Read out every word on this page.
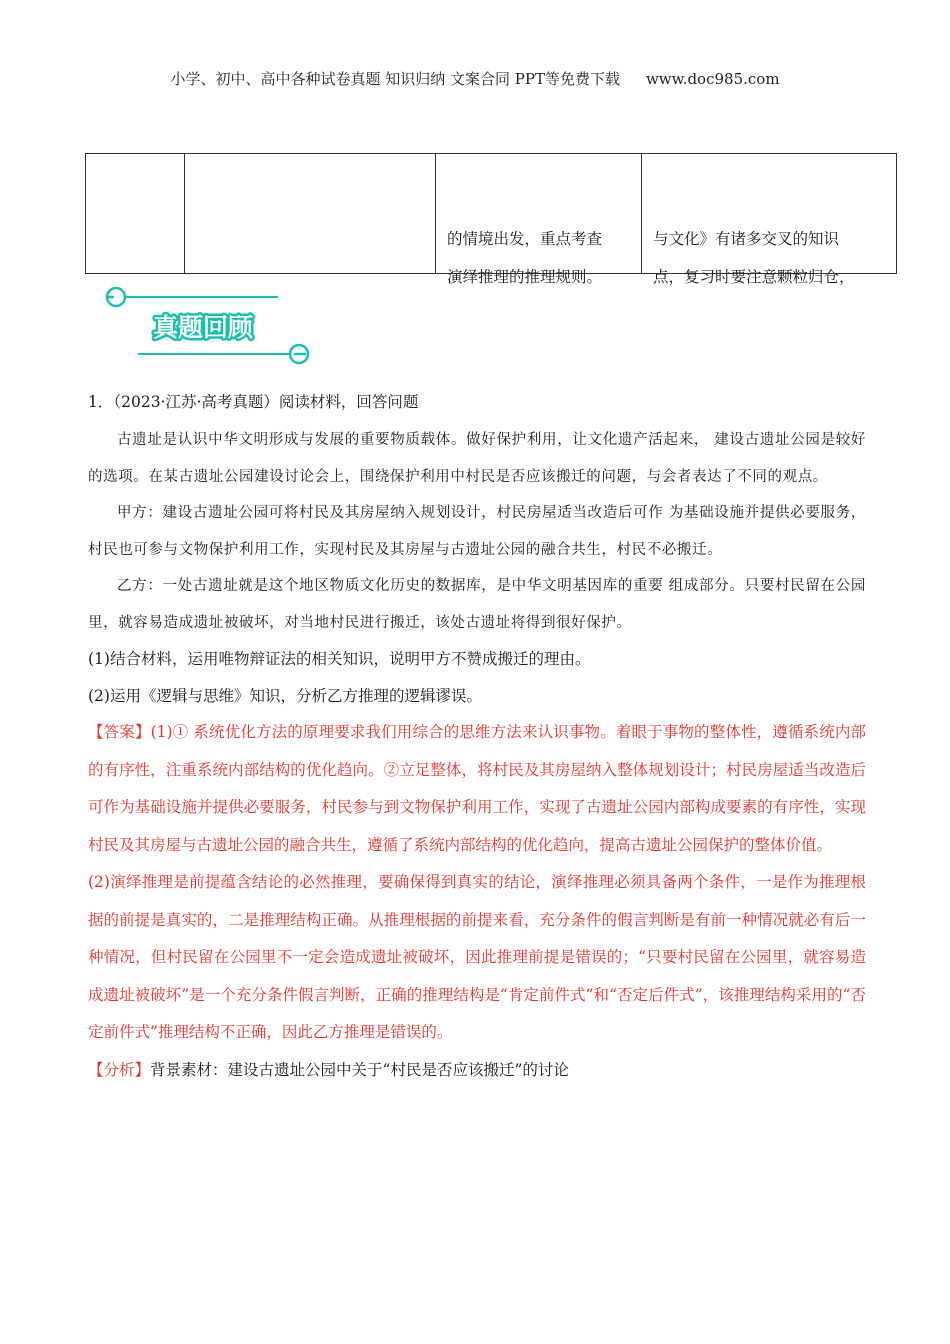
小学、初中、高中各种试卷真题 知识归纳 文案合同 PPT等免费下载 www.doc985.com
的情境出发，重点考查
演绎推理的推理规则。
与文化》有诸多交叉的知识
点，复习时要注意颗粒归仓，
真题回顾

1．（2023·江苏·高考真题）阅读材料，回答问题

古遗址是认识中华文明形成与发展的重要物质载体。做好保护利用，让文化遗产活起来， 建设古遗址公园是较好的选项。在某古遗址公园建设讨论会上，围绕保护利用中村民是否应该搬迁的问题，与会者表达了不同的观点。

甲方：建设古遗址公园可将村民及其房屋纳入规划设计，村民房屋适当改造后可作 为基础设施并提供必要服务，村民也可参与文物保护利用工作，实现村民及其房屋与古遗址公园的融合共生，村民不必搬迁。

乙方：一处古遗址就是这个地区物质文化历史的数据库，是中华文明基因库的重要 组成部分。只要村民留在公园里，就容易造成遗址被破坏，对当地村民进行搬迁，该处古遗址将得到很好保护。

(1)结合材料，运用唯物辩证法的相关知识，说明甲方不赞成搬迁的理由。

(2)运用《逻辑与思维》知识，分析乙方推理的逻辑谬误。

【答案】(1)① 系统优化方法的原理要求我们用综合的思维方法来认识事物。着眼于事物的整体性，遵循系统内部的有序性，注重系统内部结构的优化趋向。②立足整体，将村民及其房屋纳入整体规划设计；村民房屋适当改造后可作为基础设施并提供必要服务，村民参与到文物保护利用工作，实现了古遗址公园内部构成要素的有序性，实现村民及其房屋与古遗址公园的融合共生，遵循了系统内部结构的优化趋向，提高古遗址公园保护的整体价值。

(2)演绎推理是前提蕴含结论的必然推理，要确保得到真实的结论，演绎推理必须具备两个条件，一是作为推理根据的前提是真实的，二是推理结构正确。从推理根据的前提来看，充分条件的假言判断是有前一种情况就必有后一种情况，但村民留在公园里不一定会造成遗址被破坏，因此推理前提是错误的；“只要村民留在公园里，就容易造成遗址被破坏”是一个充分条件假言判断，正确的推理结构是“肯定前件式”和“否定后件式”，该推理结构采用的“否定前件式”推理结构不正确，因此乙方推理是错误的。

【分析】背景素材：建设古遗址公园中关于“村民是否应该搬迁”的讨论
